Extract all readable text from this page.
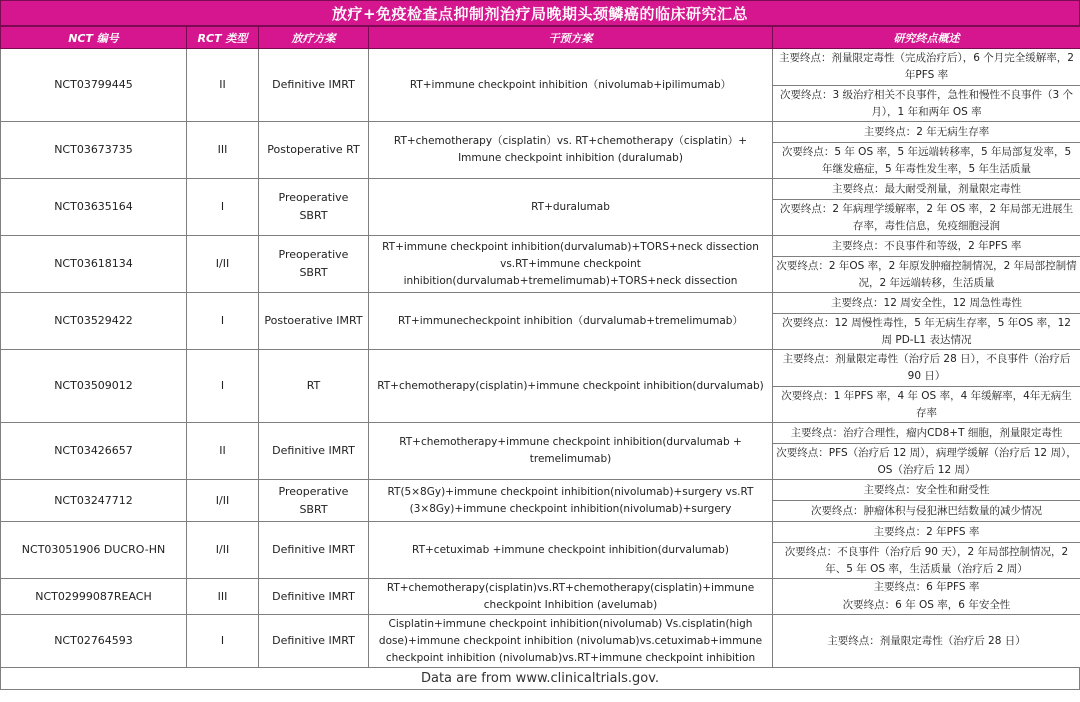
放疗+免疫检查点抑制剂治疗局晚期头颈鳞癌的临床研究汇总
NCT 编号	RCT 类型	放疗方案	干预方案	研究终点概述
NCT03799445	II	Definitive IMRT	RT+immune checkpoint inhibition（nivolumab+ipilimumab）	主要终点：剂量限定毒性（完成治疗后），6 个月完全缓解率，2 年PFS 率
				次要终点：3 级治疗相关不良事件，急性和慢性不良事件（3 个月），1 年和两年 OS 率
NCT03673735	III	Postoperative RT	RT+chemotherapy（cisplatin）vs. RT+chemotherapy（cisplatin）+ Immune checkpoint inhibition (duralumab)	主要终点：2 年无病生存率
				次要终点：5 年 OS 率，5 年远端转移率，5 年局部复发率，5 年继发癌症，5 年毒性发生率，5 年生活质量
NCT03635164	I	Preoperative SBRT	RT+duralumab	主要终点：最大耐受剂量，剂量限定毒性
				次要终点：2 年病理学缓解率，2 年 OS 率，2 年局部无进展生存率，毒性信息，免疫细胞浸润
NCT03618134	I/II	Preoperative SBRT	RT+immune checkpoint inhibition(durvalumab)+TORS+neck dissection vs.RT+immune checkpoint inhibition(durvalumab+tremelimumab)+TORS+neck dissection	主要终点：不良事件和等级，2 年PFS 率
				次要终点：2 年OS 率，2 年原发肿瘤控制情况，2 年局部控制情况，2 年远端转移，生活质量
NCT03529422	I	Postoerative IMRT	RT+immunecheckpoint inhibition（durvalumab+tremelimumab）	主要终点：12 周安全性，12 周急性毒性
				次要终点：12 周慢性毒性，5 年无病生存率，5 年OS 率，12 周 PD-L1 表达情况
NCT03509012	I	RT	RT+chemotherapy(cisplatin)+immune checkpoint inhibition(durvalumab)	主要终点：剂量限定毒性（治疗后 28 日），不良事件（治疗后 90 日）
				次要终点：1 年PFS 率，4 年 OS 率，4 年缓解率，4年无病生存率
NCT03426657	II	Definitive IMRT	RT+chemotherapy+immune checkpoint inhibition(durvalumab + tremelimumab)	主要终点：治疗合理性，瘤内CD8+T 细胞，剂量限定毒性
				次要终点：PFS（治疗后 12 周），病理学缓解（治疗后 12 周），OS（治疗后 12 周）
NCT03247712	I/II	Preoperative SBRT	RT(5×8Gy)+immune checkpoint inhibition(nivolumab)+surgery vs.RT (3×8Gy)+immune checkpoint inhibition(nivolumab)+surgery	主要终点：安全性和耐受性
				次要终点：肿瘤体积与侵犯淋巴结数量的减少情况
NCT03051906 DUCRO-HN	I/II	Definitive IMRT	RT+cetuximab +immune checkpoint inhibition(durvalumab)	主要终点：2 年PFS 率
				次要终点：不良事件（治疗后 90 天），2 年局部控制情况，2 年、5 年 OS 率，生活质量（治疗后 2 周）
NCT02999087REACH	III	Definitive IMRT	RT+chemotherapy(cisplatin)vs.RT+chemotherapy(cisplatin)+immune checkpoint Inhibition (avelumab)	主要终点：6 年PFS 率
				次要终点：6 年 OS 率，6 年安全性
NCT02764593	I	Definitive IMRT	Cisplatin+immune checkpoint inhibition(nivolumab) Vs.cisplatin(high dose)+immune checkpoint inhibition (nivolumab)vs.cetuximab+immune checkpoint inhibition (nivolumab)vs.RT+immune checkpoint inhibition	主要终点：剂量限定毒性（治疗后 28 日）
Data are from www.clinicaltrials.gov.
